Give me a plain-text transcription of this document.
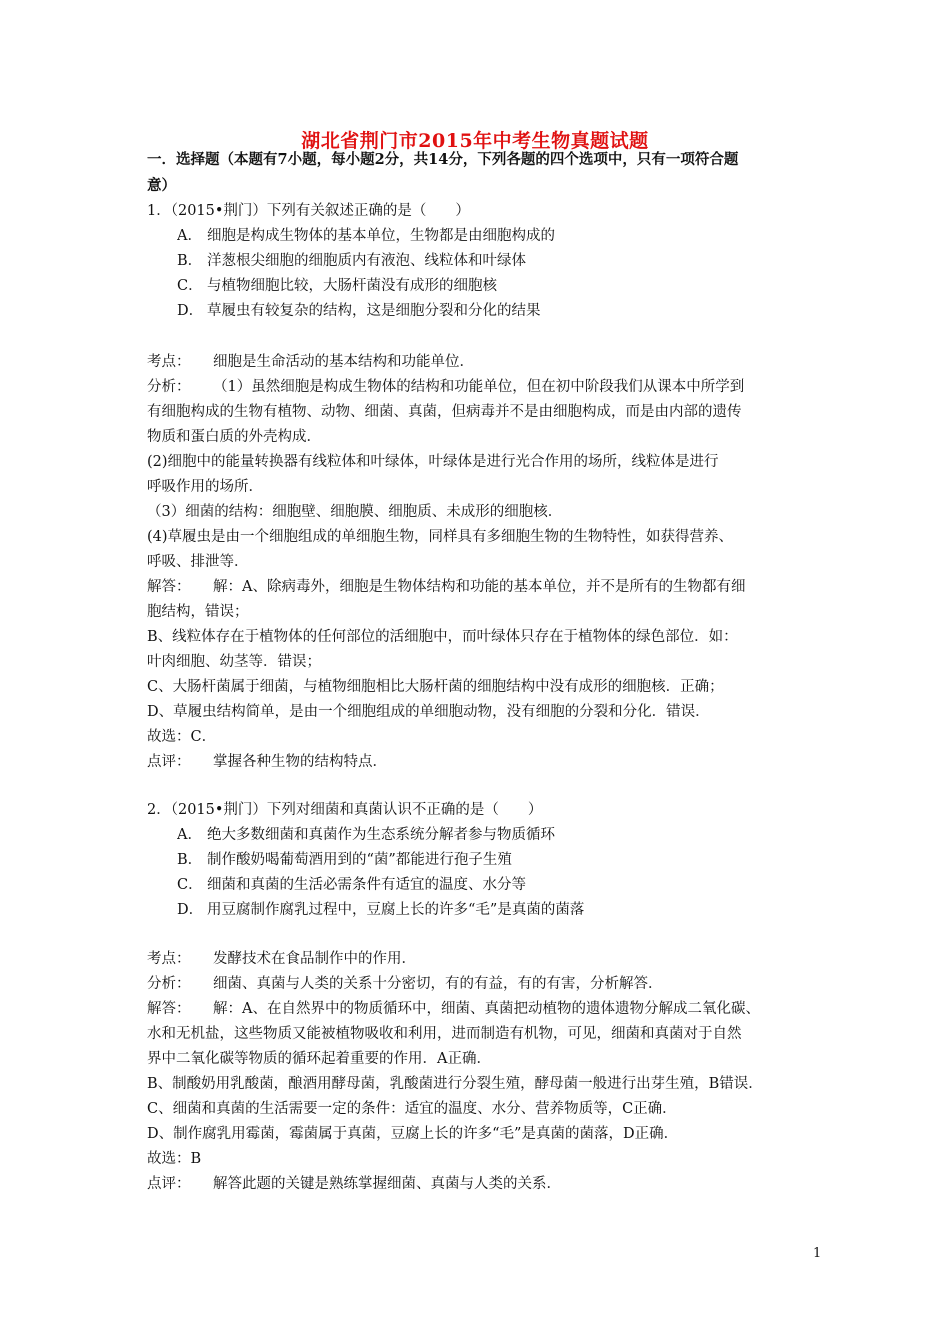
湖北省荆门市2015年中考生物真题试题
一．选择题（本题有7小题，每小题2分，共14分，下列各题的四个选项中，只有一项符合题
意）
1．（2015•荆门）下列有关叙述正确的是（　　）
A． 细胞是构成生物体的基本单位，生物都是由细胞构成的
B． 洋葱根尖细胞的细胞质内有液泡、线粒体和叶绿体
C． 与植物细胞比较，大肠杆菌没有成形的细胞核
D． 草履虫有较复杂的结构，这是细胞分裂和分化的结果
考点： 细胞是生命活动的基本结构和功能单位．
分析： （1）虽然细胞是构成生物体的结构和功能单位，但在初中阶段我们从课本中所学到
有细胞构成的生物有植物、动物、细菌、真菌，但病毒并不是由细胞构成，而是由内部的遗传
物质和蛋白质的外壳构成．
(2)细胞中的能量转换器有线粒体和叶绿体，叶绿体是进行光合作用的场所，线粒体是进行
呼吸作用的场所．
（3）细菌的结构：细胞壁、细胞膜、细胞质、未成形的细胞核．
(4)草履虫是由一个细胞组成的单细胞生物，同样具有多细胞生物的生物特性，如获得营养、
呼吸、排泄等．
解答： 解：A、除病毒外，细胞是生物体结构和功能的基本单位，并不是所有的生物都有细
胞结构，错误；
B、线粒体存在于植物体的任何部位的活细胞中，而叶绿体只存在于植物体的绿色部位．如：
叶肉细胞、幼茎等．错误；
C、大肠杆菌属于细菌，与植物细胞相比大肠杆菌的细胞结构中没有成形的细胞核．正确；
D、草履虫结构简单，是由一个细胞组成的单细胞动物，没有细胞的分裂和分化．错误．
故选：C．
点评： 掌握各种生物的结构特点．
2．（2015•荆门）下列对细菌和真菌认识不正确的是（　　）
A． 绝大多数细菌和真菌作为生态系统分解者参与物质循环
B． 制作酸奶喝葡萄酒用到的“菌”都能进行孢子生殖
C． 细菌和真菌的生活必需条件有适宜的温度、水分等
D． 用豆腐制作腐乳过程中，豆腐上长的许多“毛”是真菌的菌落
考点： 发酵技术在食品制作中的作用．
分析： 细菌、真菌与人类的关系十分密切，有的有益，有的有害，分析解答．
解答： 解：A、在自然界中的物质循环中，细菌、真菌把动植物的遗体遗物分解成二氧化碳、
水和无机盐，这些物质又能被植物吸收和利用，进而制造有机物，可见，细菌和真菌对于自然
界中二氧化碳等物质的循环起着重要的作用．A正确．
B、制酸奶用乳酸菌，酿酒用酵母菌，乳酸菌进行分裂生殖，酵母菌一般进行出芽生殖，B错误．
C、细菌和真菌的生活需要一定的条件：适宜的温度、水分、营养物质等，C正确．
D、制作腐乳用霉菌，霉菌属于真菌，豆腐上长的许多“毛”是真菌的菌落，D正确．
故选：B
点评： 解答此题的关键是熟练掌握细菌、真菌与人类的关系．
1
